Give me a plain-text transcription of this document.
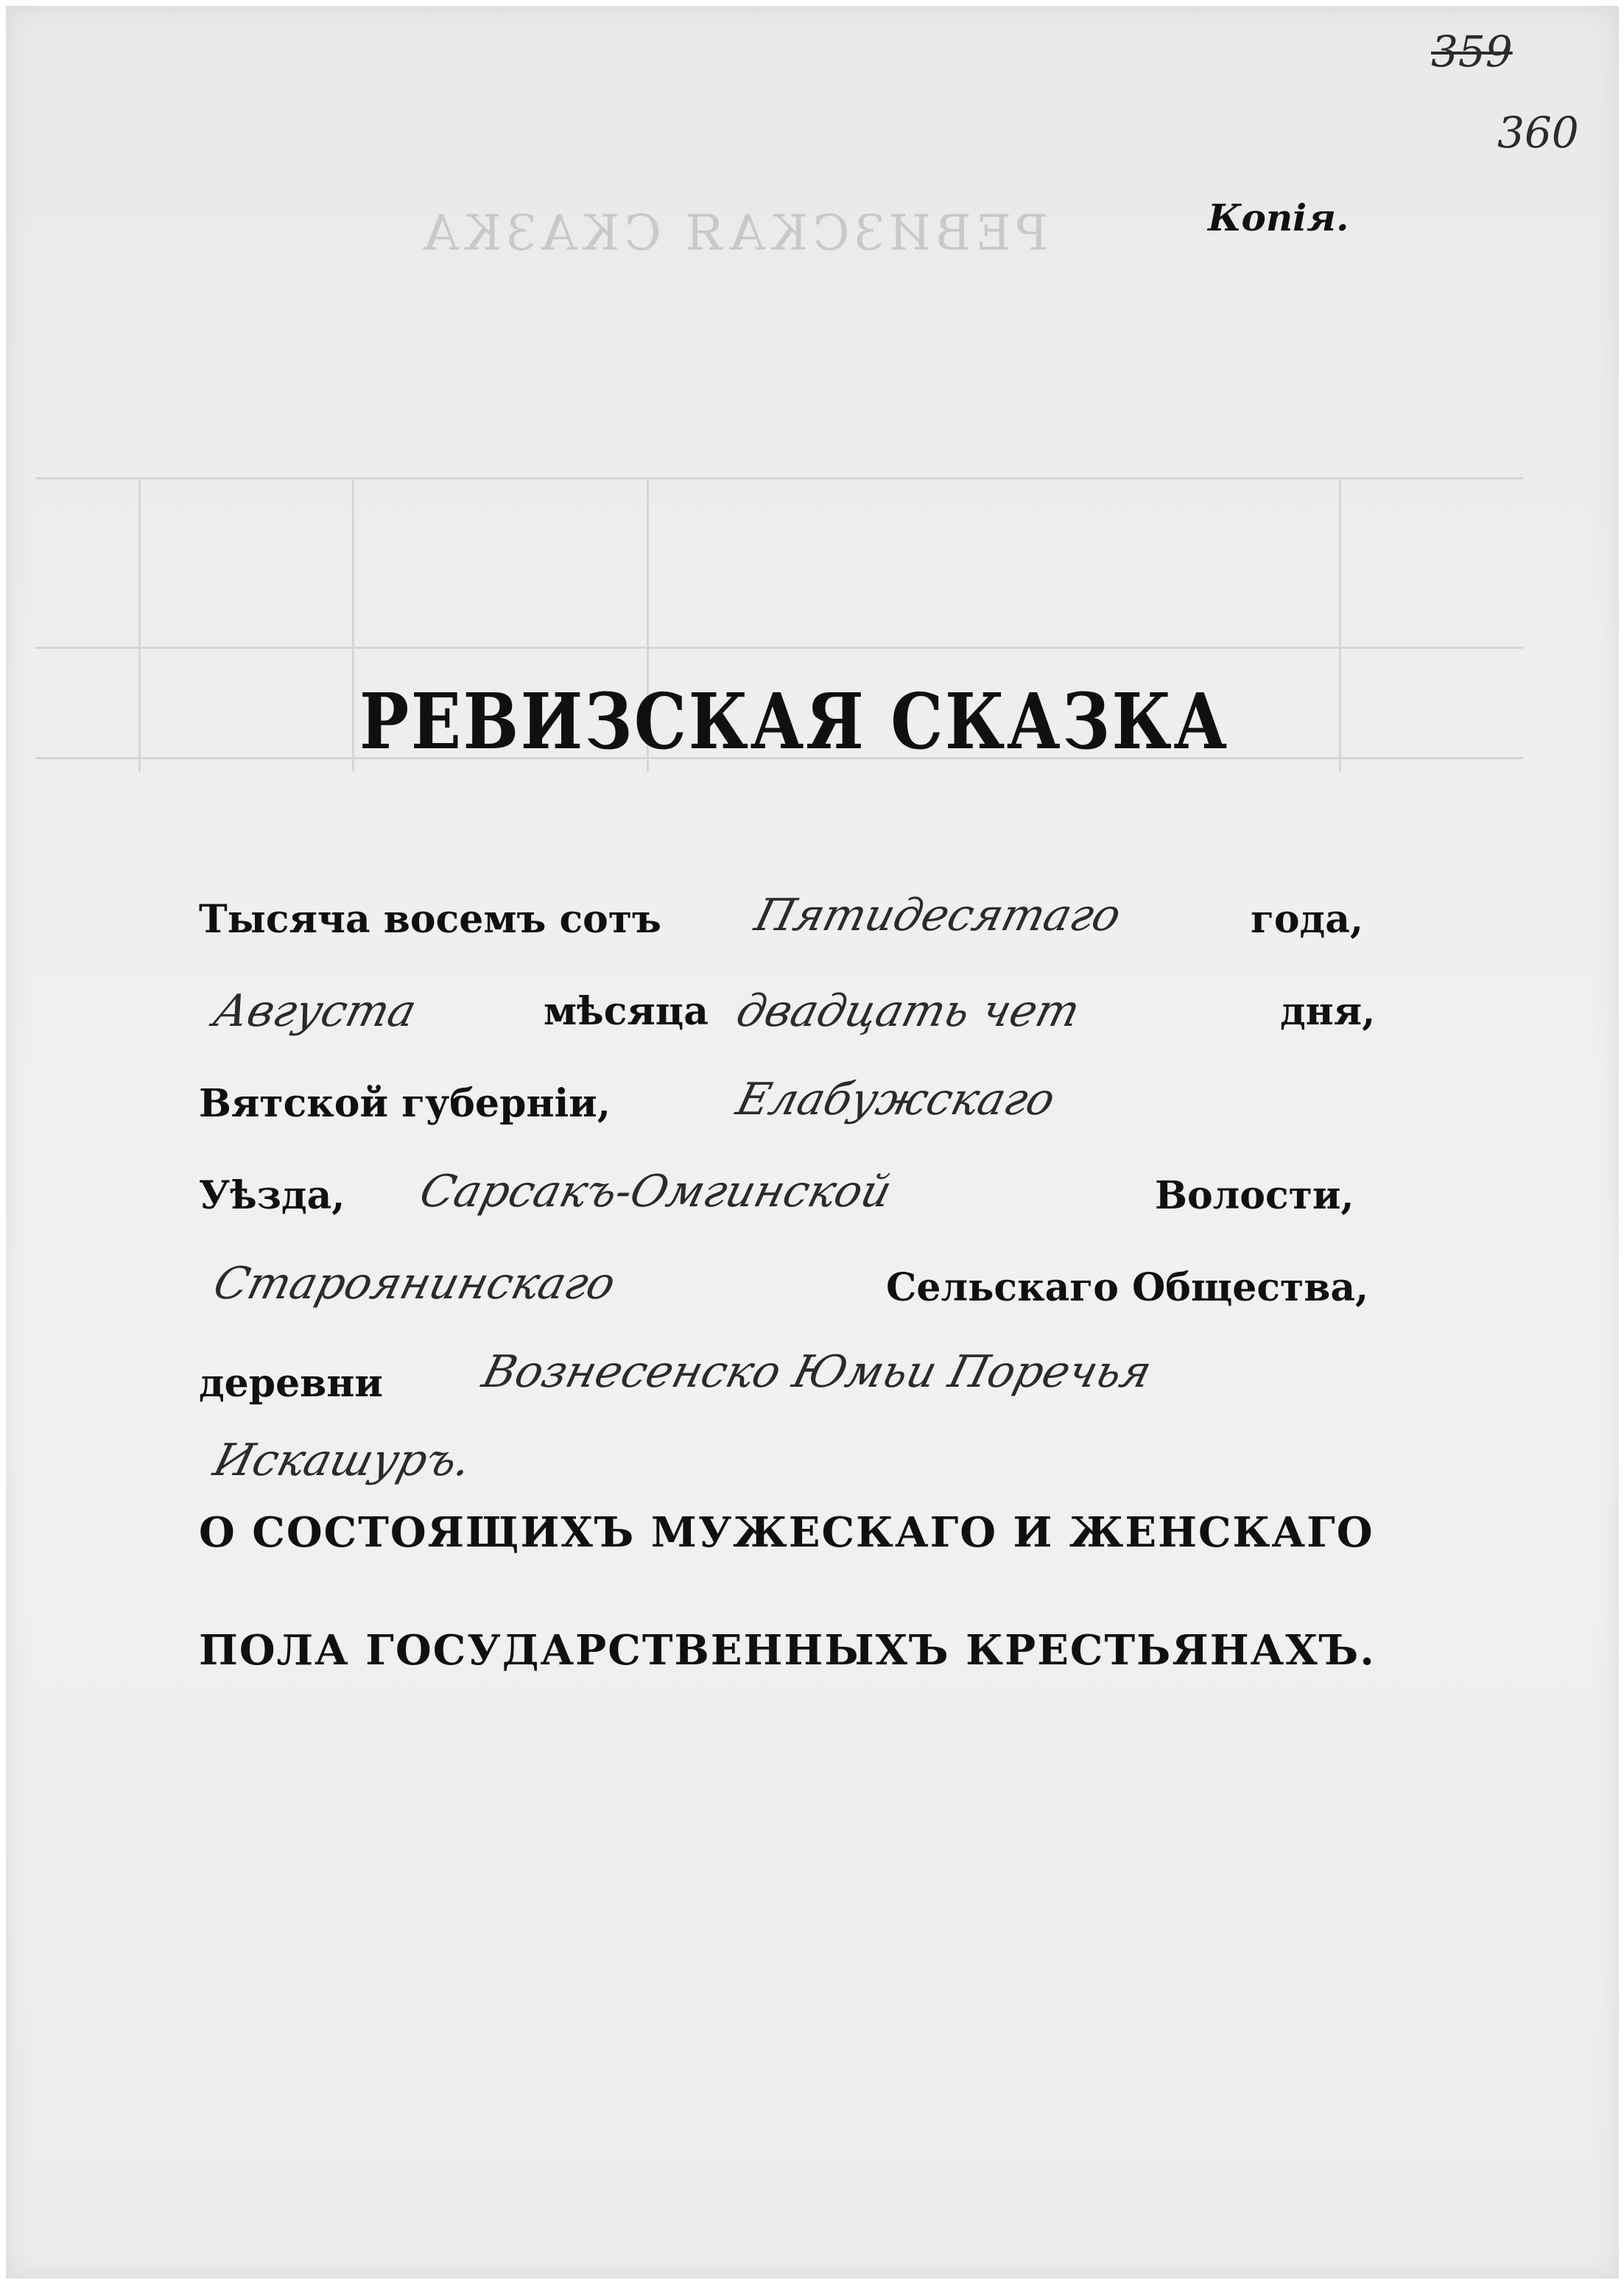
РЕВИЗСКАЯ СКАЗКА
359
360
Копія.
РЕВИЗСКАЯ СКАЗКА
Тысяча восемъ сотъ Пятидесятаго	года,
Августа	мѣсяца двадцать чет	дня,
Вятской губерніи,	Елабужскаго
Уѣзда, Сарсакъ-Омгинской	Волости,
Староянинскаго	Сельскаго Общества,
деревни Вознесенско Юмьи Поречья
Искашуръ.
О СОСТОЯЩИХЪ МУЖЕСКАГО И ЖЕНСКАГО
ПОЛА ГОСУДАРСТВЕННЫХЪ КРЕСТЬЯНАХЪ.
